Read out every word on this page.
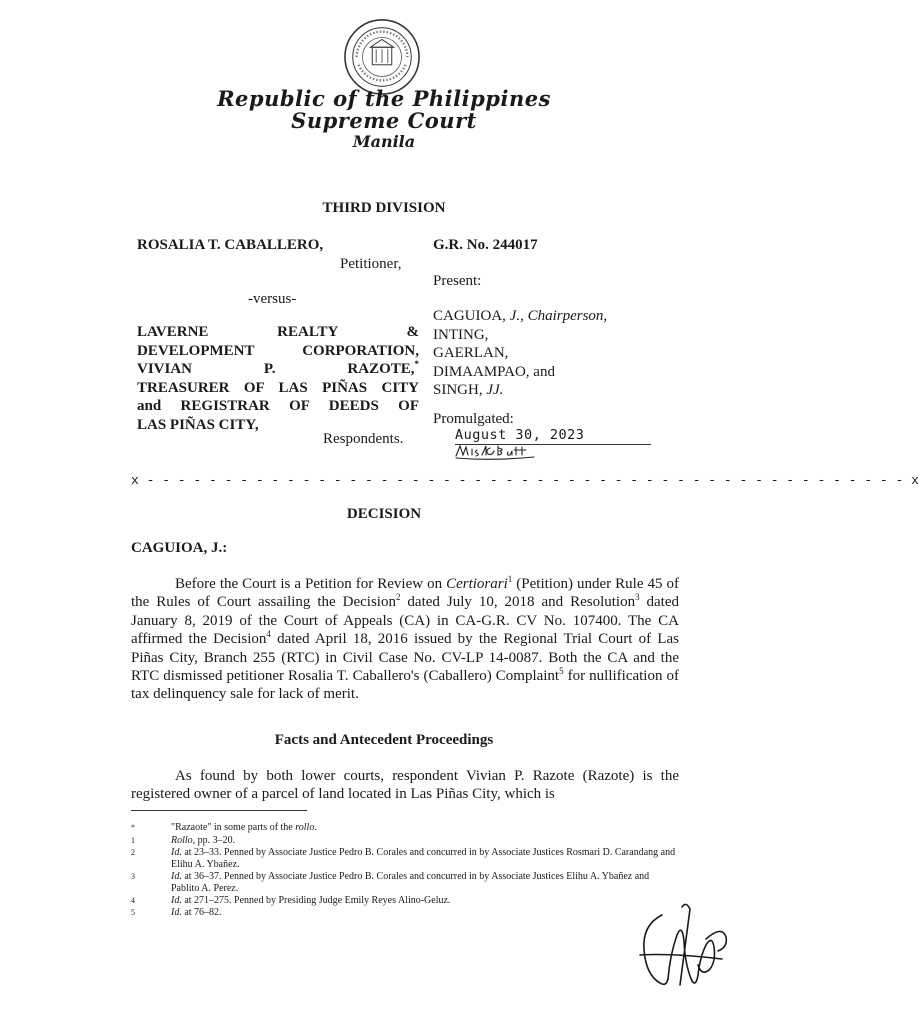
Republic of the Philippines
Supreme Court
Manila
THIRD DIVISION
ROSALIA T. CABALLERO,
Petitioner,
-versus-
LAVERNE REALTY &
DEVELOPMENT CORPORATION,
VIVIAN P. RAZOTE,*
TREASURER OF LAS PIÑAS CITY
and REGISTRAR OF DEEDS OF
LAS PIÑAS CITY,
Respondents.
G.R. No. 244017
Present:
CAGUIOA, J., Chairperson,
INTING,
GAERLAN,
DIMAAMPAO, and
SINGH, JJ.
Promulgated:
August 30, 2023
x - - - - - - - - - - - - - - - - - - - - - - - - - - - - - - - - - - - - - - - - - - - - - - - - - x
DECISION
CAGUIOA, J.:
Before the Court is a Petition for Review on Certiorari$^1$ (Petition) under Rule 45 of the Rules of Court assailing the Decision$^2$ dated July 10, 2018 and Resolution$^3$ dated January 8, 2019 of the Court of Appeals (CA) in CA-G.R. CV No. 107400. The CA affirmed the Decision$^4$ dated April 18, 2016 issued by the Regional Trial Court of Las Piñas City, Branch 255 (RTC) in Civil Case No. CV-LP 14-0087. Both the CA and the RTC dismissed petitioner Rosalia T. Caballero's (Caballero) Complaint$^5$ for nullification of tax delinquency sale for lack of merit.
Facts and Antecedent Proceedings
As found by both lower courts, respondent Vivian P. Razote (Razote) is the registered owner of a parcel of land located in Las Piñas City, which is
*	"Razaote" in some parts of the rollo.
1	Rollo, pp. 3–20.
2	Id. at 23–33. Penned by Associate Justice Pedro B. Corales and concurred in by Associate Justices Rosmari D. Carandang and Elihu A. Ybañez.
3	Id. at 36–37. Penned by Associate Justice Pedro B. Corales and concurred in by Associate Justices Elihu A. Ybañez and Pablito A. Perez.
4	Id. at 271–275. Penned by Presiding Judge Emily Reyes Alino-Geluz.
5	Id. at 76–82.
